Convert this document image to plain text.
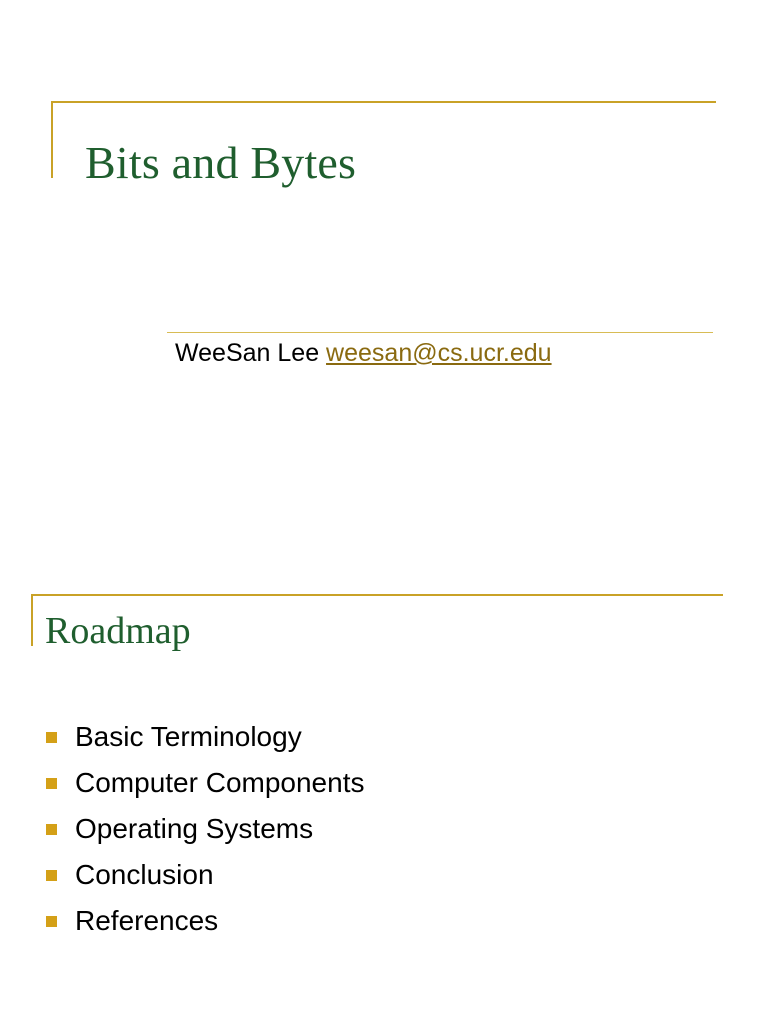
Bits and Bytes
WeeSan Lee weesan@cs.ucr.edu
Roadmap
Basic Terminology
Computer Components
Operating Systems
Conclusion
References
